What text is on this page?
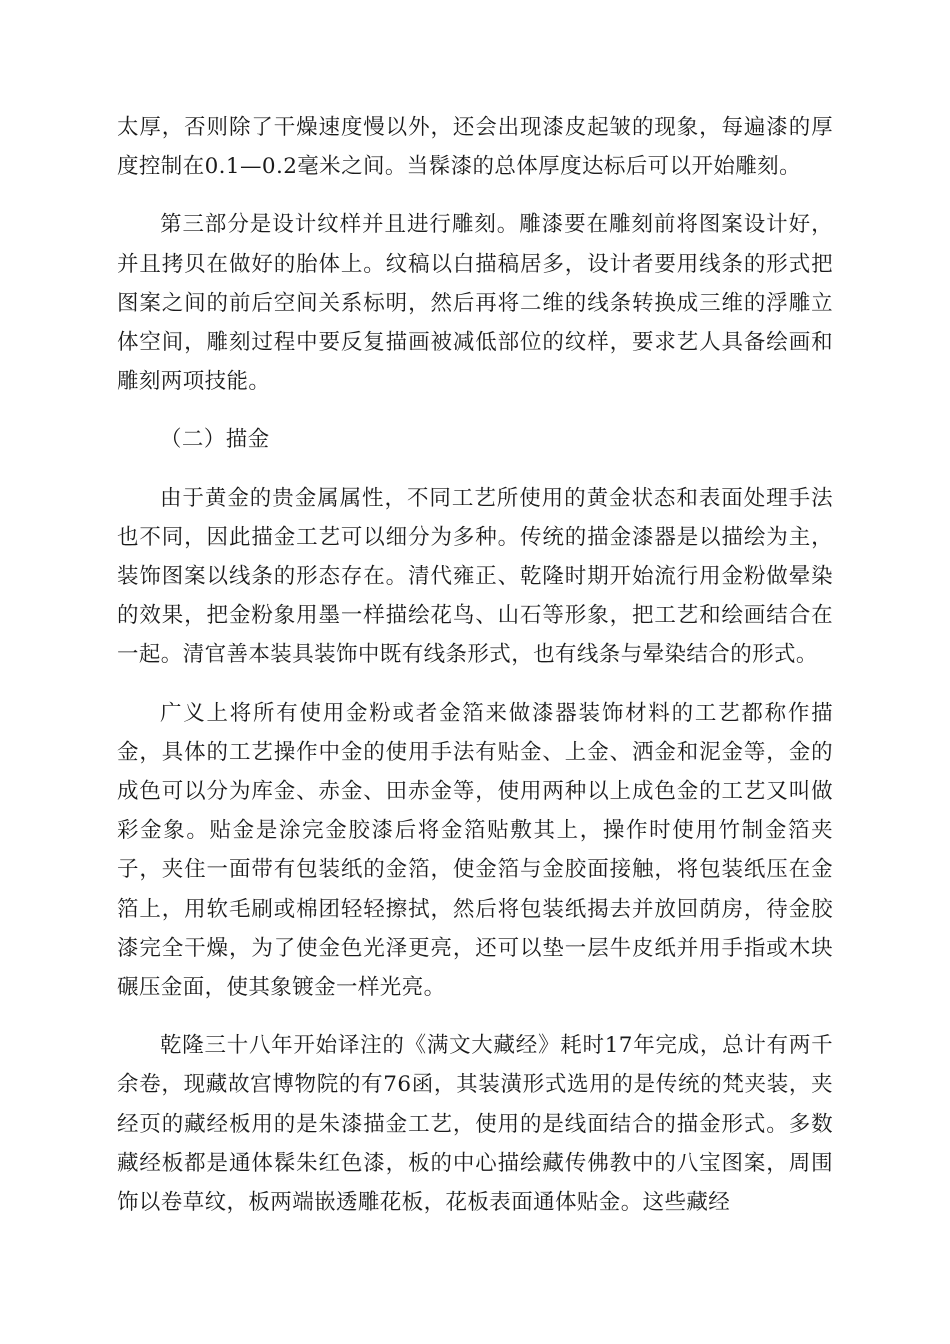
太厚，否则除了干燥速度慢以外，还会出现漆皮起皱的现象，每遍漆的厚度控制在0.1—0.2毫米之间。当髹漆的总体厚度达标后可以开始雕刻。

第三部分是设计纹样并且进行雕刻。雕漆要在雕刻前将图案设计好，并且拷贝在做好的胎体上。纹稿以白描稿居多，设计者要用线条的形式把图案之间的前后空间关系标明，然后再将二维的线条转换成三维的浮雕立体空间，雕刻过程中要反复描画被减低部位的纹样，要求艺人具备绘画和雕刻两项技能。

（二）描金

由于黄金的贵金属属性，不同工艺所使用的黄金状态和表面处理手法也不同，因此描金工艺可以细分为多种。传统的描金漆器是以描绘为主，装饰图案以线条的形态存在。清代雍正、乾隆时期开始流行用金粉做晕染的效果，把金粉象用墨一样描绘花鸟、山石等形象，把工艺和绘画结合在一起。清官善本装具装饰中既有线条形式，也有线条与晕染结合的形式。

广义上将所有使用金粉或者金箔来做漆器装饰材料的工艺都称作描金，具体的工艺操作中金的使用手法有贴金、上金、洒金和泥金等，金的成色可以分为库金、赤金、田赤金等，使用两种以上成色金的工艺又叫做彩金象。贴金是涂完金胶漆后将金箔贴敷其上，操作时使用竹制金箔夹子，夹住一面带有包装纸的金箔，使金箔与金胶面接触，将包装纸压在金箔上，用软毛刷或棉团轻轻擦拭，然后将包装纸揭去并放回荫房，待金胶漆完全干燥，为了使金色光泽更亮，还可以垫一层牛皮纸并用手指或木块碾压金面，使其象镀金一样光亮。

乾隆三十八年开始译注的《满文大藏经》耗时17年完成，总计有两千余卷，现藏故宫博物院的有76函，其装潢形式选用的是传统的梵夹装，夹经页的藏经板用的是朱漆描金工艺，使用的是线面结合的描金形式。多数藏经板都是通体髹朱红色漆，板的中心描绘藏传佛教中的八宝图案，周围饰以卷草纹，板两端嵌透雕花板，花板表面通体贴金。这些藏经
